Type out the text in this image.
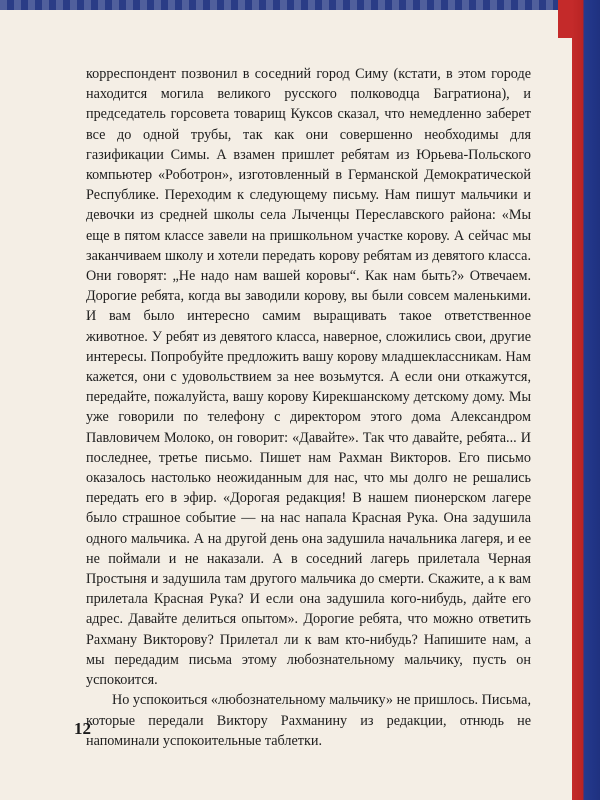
корреспондент позвонил в соседний город Симу (кстати, в этом городе находится могила великого русского полководца Багратиона), и председатель горсовета товарищ Куксов сказал, что немедленно заберет все до одной трубы, так как они совершенно необходимы для газификации Симы. А взамен пришлет ребятам из Юрьева-Польского компьютер «Роботрон», изготовленный в Германской Демократической Республике. Переходим к следующему письму. Нам пишут мальчики и девочки из средней школы села Лыченцы Переславского района: «Мы еще в пятом классе завели на пришкольном участке корову. А сейчас мы заканчиваем школу и хотели передать корову ребятам из девятого класса. Они говорят: „Не надо нам вашей коровы“. Как нам быть?» Отвечаем. Дорогие ребята, когда вы заводили корову, вы были совсем маленькими. И вам было интересно самим выращивать такое ответственное животное. У ребят из девятого класса, наверное, сложились свои, другие интересы. Попробуйте предложить вашу корову младшеклассникам. Нам кажется, они с удовольствием за нее возьмутся. А если они откажутся, передайте, пожалуйста, вашу корову Кирекшанскому детскому дому. Мы уже говорили по телефону с директором этого дома Александром Павловичем Молоко, он говорит: «Давайте». Так что давайте, ребята... И последнее, третье письмо. Пишет нам Рахман Викторов. Его письмо оказалось настолько неожиданным для нас, что мы долго не решались передать его в эфир. «Дорогая редакция! В нашем пионерском лагере было страшное событие — на нас напала Красная Рука. Она задушила одного мальчика. А на другой день она задушила начальника лагеря, и ее не поймали и не наказали. А в соседний лагерь прилетала Черная Простыня и задушила там другого мальчика до смерти. Скажите, а к вам прилетала Красная Рука? И если она задушила кого-нибудь, дайте его адрес. Давайте делиться опытом». Дорогие ребята, что можно ответить Рахману Викторову? Прилетал ли к вам кто-нибудь? Напишите нам, а мы передадим письма этому любознательному мальчику, пусть он успокоится.

Но успокоиться «любознательному мальчику» не пришлось. Письма, которые передали Виктору Рахманину из редакции, отнюдь не напоминали успокоительные таблетки.

12
